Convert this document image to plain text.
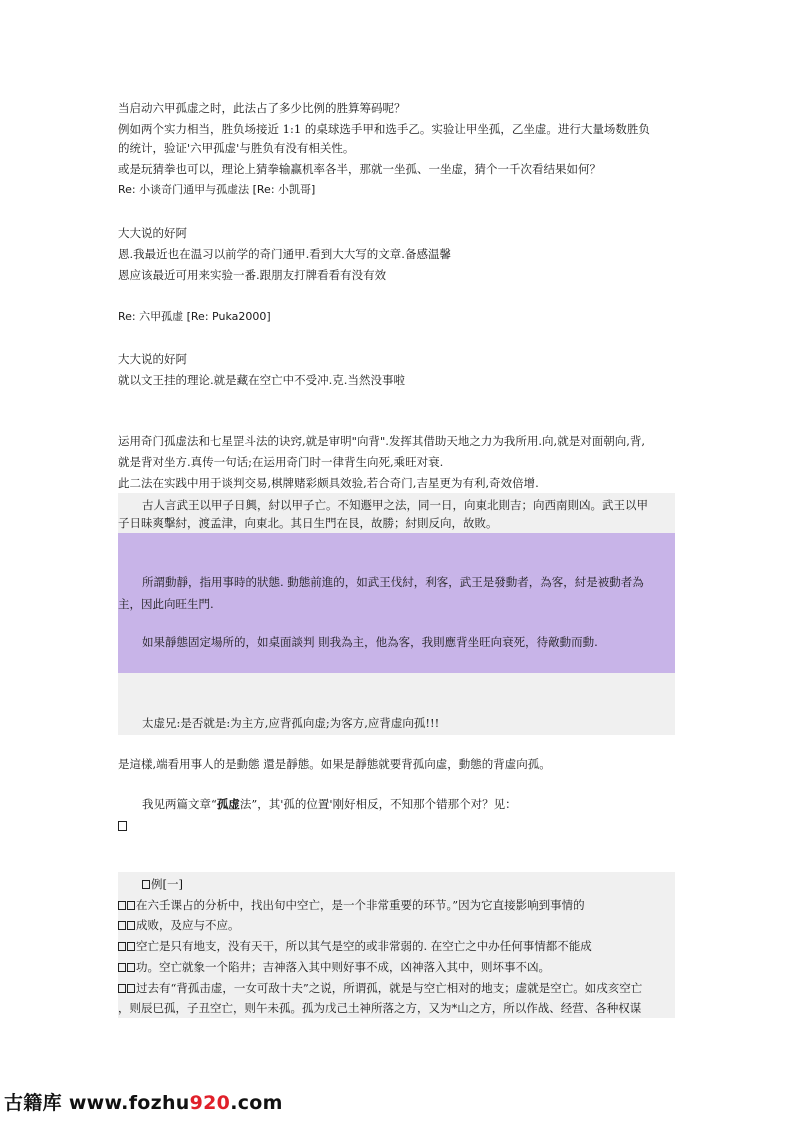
当启动六甲孤虚之时，此法占了多少比例的胜算筹码呢？
例如两个实力相当，胜负场接近 1:1 的桌球选手甲和选手乙。实验让甲坐孤，乙坐虚。进行大量场数胜负
的统计，验证'六甲孤虚'与胜负有没有相关性。
或是玩猜拳也可以，理论上猜拳输赢机率各半，那就一坐孤、一坐虚，猜个一千次看结果如何？
Re: 小谈奇门通甲与孤虚法 [Re: 小凯哥]
大大说的好阿
恩.我最近也在温习以前学的奇门通甲.看到大大写的文章.备感温馨
恩应该最近可用来实验一番.跟朋友打牌看看有没有效
Re: 六甲孤虚 [Re: Puka2000]
大大说的好阿
就以文王挂的理论.就是藏在空亡中不受冲.克.当然没事啦
运用奇门孤虚法和七星罡斗法的诀窍,就是审明"向背".发挥其借助天地之力为我所用.向,就是对面朝向,背,
就是背对坐方.真传一句话;在运用奇门时一律背生向死,乘旺对衰.
此二法在实践中用于谈判交易,棋牌赌彩颇具效验,若合奇门,吉星更为有利,奇效倍增.
古人言武王以甲子日興，紂以甲子亡。不知遯甲之法，同一日，向東北則吉；向西南則凶。武王以甲
子日昧爽擊紂，渡孟津，向東北。其日生門在艮，故勝；紂則反向，故敗。
所謂動靜，指用事時的狀態. 動態前進的，如武王伐紂，利客，武王是發動者，為客，紂是被動者為
主，因此向旺生門.
如果靜態固定場所的，如桌面談判 則我為主，他為客，我則應背坐旺向衰死，待敵動而動.
太虚兄:是否就是:为主方,应背孤向虚;为客方,应背虚向孤!!!
是這樣,端看用事人的是動態 還是靜態。如果是靜態就要背孤向虛，動態的背虛向孤。
我见两篇文章“孤虚法”，其'孤的位置'刚好相反，不知那个错那个对？见：
例[一]
在六壬课占的分析中，找出旬中空亡，是一个非常重要的环节。”因为它直接影响到事情的
成败，及应与不应。
空亡是只有地支，没有天干，所以其气是空的或非常弱的. 在空亡之中办任何事情都不能成
功。空亡就象一个陷井；吉神落入其中则好事不成，凶神落入其中，则坏事不凶。
过去有“背孤击虚，一女可敌十夫”之说，所谓孤，就是与空亡相对的地支；虚就是空亡。如戌亥空亡
，则辰巳孤，子丑空亡，则午未孤。孤为戊己土神所落之方，又为*山之方，所以作战、经营、各种权谋
古籍库 www.fozhu920.com
